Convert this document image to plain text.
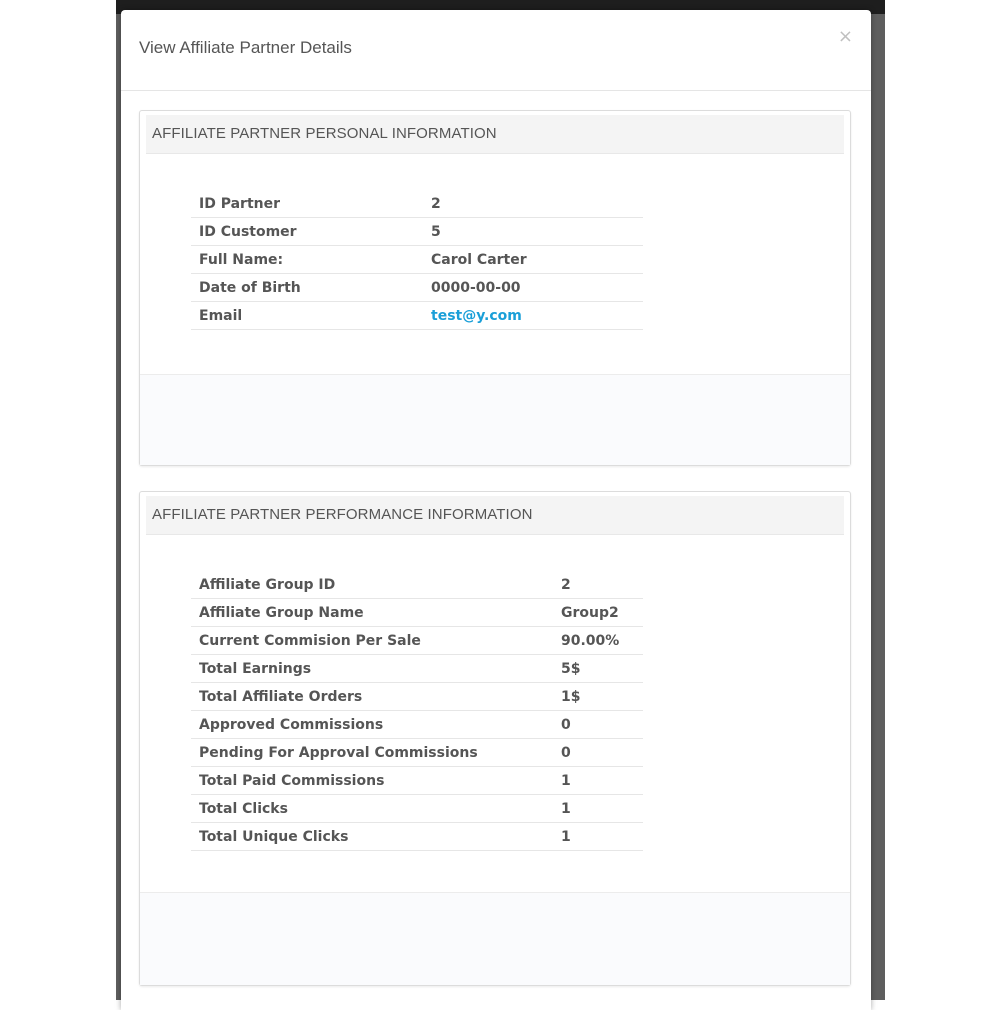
View Affiliate Partner Details
×
AFFILIATE PARTNER PERSONAL INFORMATION
ID Partner	2
ID Customer	5
Full Name:	Carol Carter
Date of Birth	0000-00-00
Email	test@y.com
AFFILIATE PARTNER PERFORMANCE INFORMATION
Affiliate Group ID	2
Affiliate Group Name	Group2
Current Commision Per Sale	90.00%
Total Earnings	5$
Total Affiliate Orders	1$
Approved Commissions	0
Pending For Approval Commissions	0
Total Paid Commissions	1
Total Clicks	1
Total Unique Clicks	1
